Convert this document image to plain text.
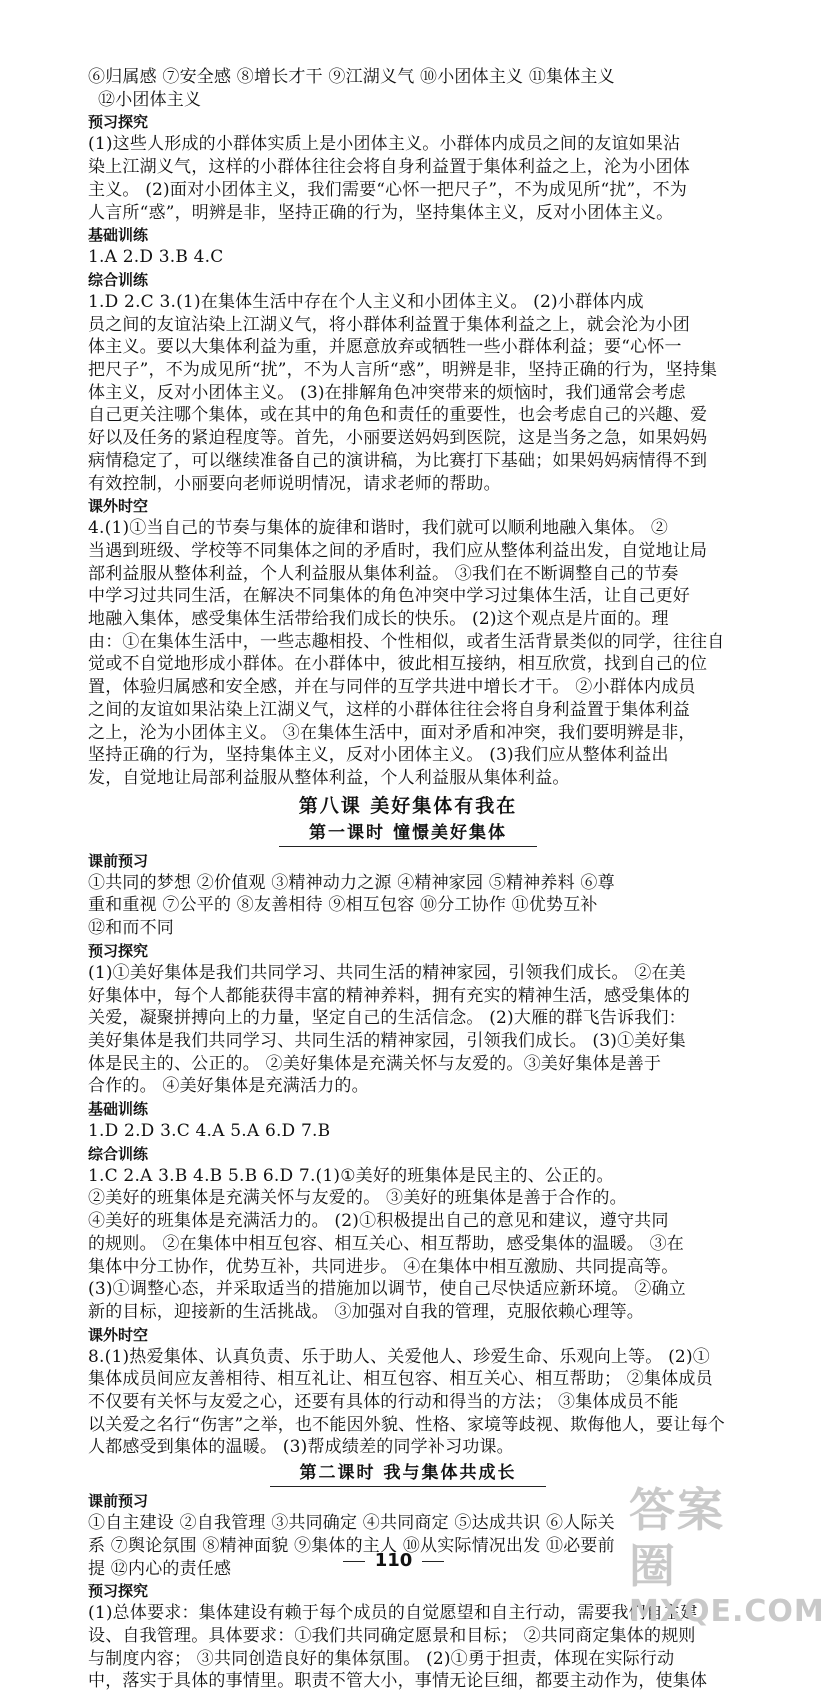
⑥归属感 ⑦安全感 ⑧增长才干 ⑨江湖义气 ⑩小团体主义 ⑪集体主义

⑫小团体主义

预习探究

(1)这些人形成的小群体实质上是小团体主义。小群体内成员之间的友谊如果沾

染上江湖义气，这样的小群体往往会将自身利益置于集体利益之上，沦为小团体

主义。 (2)面对小团体主义，我们需要“心怀一把尺子”，不为成见所“扰”，不为

人言所“惑”，明辨是非，坚持正确的行为，坚持集体主义，反对小团体主义。

基础训练

1.A 2.D 3.B 4.C

综合训练

1.D 2.C 3.(1)在集体生活中存在个人主义和小团体主义。 (2)小群体内成

员之间的友谊沾染上江湖义气，将小群体利益置于集体利益之上，就会沦为小团

体主义。要以大集体利益为重，并愿意放弃或牺牲一些小群体利益；要“心怀一

把尺子”，不为成见所“扰”，不为人言所“惑”，明辨是非，坚持正确的行为，坚持集

体主义，反对小团体主义。 (3)在排解角色冲突带来的烦恼时，我们通常会考虑

自己更关注哪个集体，或在其中的角色和责任的重要性，也会考虑自己的兴趣、爱

好以及任务的紧迫程度等。首先，小丽要送妈妈到医院，这是当务之急，如果妈妈

病情稳定了，可以继续准备自己的演讲稿，为比赛打下基础；如果妈妈病情得不到

有效控制，小丽要向老师说明情况，请求老师的帮助。

课外时空

4.(1)①当自己的节奏与集体的旋律和谐时，我们就可以顺利地融入集体。 ②

当遇到班级、学校等不同集体之间的矛盾时，我们应从整体利益出发，自觉地让局

部利益服从整体利益，个人利益服从集体利益。 ③我们在不断调整自己的节奏

中学习过共同生活，在解决不同集体的角色冲突中学习过集体生活，让自己更好

地融入集体，感受集体生活带给我们成长的快乐。 (2)这个观点是片面的。理

由：①在集体生活中，一些志趣相投、个性相似，或者生活背景类似的同学，往往自

觉或不自觉地形成小群体。在小群体中，彼此相互接纳，相互欣赏，找到自己的位

置，体验归属感和安全感，并在与同伴的互学共进中增长才干。 ②小群体内成员

之间的友谊如果沾染上江湖义气，这样的小群体往往会将自身利益置于集体利益

之上，沦为小团体主义。 ③在集体生活中，面对矛盾和冲突，我们要明辨是非，

坚持正确的行为，坚持集体主义，反对小团体主义。 (3)我们应从整体利益出

发，自觉地让局部利益服从整体利益，个人利益服从集体利益。

第八课 美好集体有我在

第一课时 憧憬美好集体

课前预习

①共同的梦想 ②价值观 ③精神动力之源 ④精神家园 ⑤精神养料 ⑥尊

重和重视 ⑦公平的 ⑧友善相待 ⑨相互包容 ⑩分工协作 ⑪优势互补

⑫和而不同

预习探究

(1)①美好集体是我们共同学习、共同生活的精神家园，引领我们成长。 ②在美

好集体中，每个人都能获得丰富的精神养料，拥有充实的精神生活，感受集体的

关爱，凝聚拼搏向上的力量，坚定自己的生活信念。 (2)大雁的群飞告诉我们：

美好集体是我们共同学习、共同生活的精神家园，引领我们成长。 (3)①美好集

体是民主的、公正的。 ②美好集体是充满关怀与友爱的。③美好集体是善于

合作的。 ④美好集体是充满活力的。

基础训练

1.D 2.D 3.C 4.A 5.A 6.D 7.B

综合训练

1.C 2.A 3.B 4.B 5.B 6.D 7.(1)①美好的班集体是民主的、公正的。

②美好的班集体是充满关怀与友爱的。 ③美好的班集体是善于合作的。

④美好的班集体是充满活力的。 (2)①积极提出自己的意见和建议，遵守共同

的规则。 ②在集体中相互包容、相互关心、相互帮助，感受集体的温暖。 ③在

集体中分工协作，优势互补，共同进步。 ④在集体中相互激励、共同提高等。

(3)①调整心态，并采取适当的措施加以调节，使自己尽快适应新环境。 ②确立

新的目标，迎接新的生活挑战。 ③加强对自我的管理，克服依赖心理等。

课外时空

8.(1)热爱集体、认真负责、乐于助人、关爱他人、珍爱生命、乐观向上等。 (2)①

集体成员间应友善相待、相互礼让、相互包容、相互关心、相互帮助； ②集体成员

不仅要有关怀与友爱之心，还要有具体的行动和得当的方法； ③集体成员不能

以关爱之名行“伤害”之举，也不能因外貌、性格、家境等歧视、欺侮他人，要让每个

人都感受到集体的温暖。 (3)帮成绩差的同学补习功课。

第二课时 我与集体共成长

课前预习

①自主建设 ②自我管理 ③共同确定 ④共同商定 ⑤达成共识 ⑥人际关

系 ⑦舆论氛围 ⑧精神面貌 ⑨集体的主人 ⑩从实际情况出发 ⑪必要前

提 ⑫内心的责任感

预习探究

(1)总体要求：集体建设有赖于每个成员的自觉愿望和自主行动，需要我们自主建

设、自我管理。具体要求：①我们共同确定愿景和目标； ②共同商定集体的规则

与制度内容； ③共同创造良好的集体氛围。 (2)①勇于担责，体现在实际行动

中，落实于具体的事情里。职责不管大小，事情无论巨细，都要主动作为，使集体

110
答案圈
MXQE.COM
